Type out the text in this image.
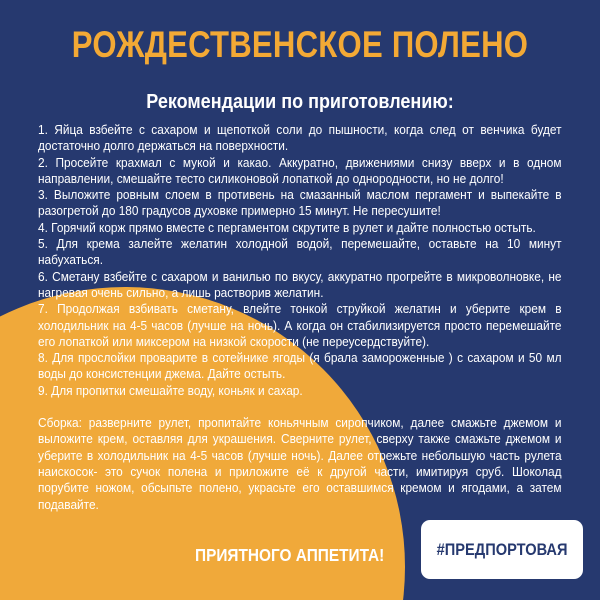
РОЖДЕСТВЕНСКОЕ ПОЛЕНО
Рекомендации по приготовлению:

1. Яйца взбейте с сахаром и щепоткой соли до пышности, когда след от венчика будет достаточно долго держаться на поверхности.

2. Просейте крахмал с мукой и какао. Аккуратно, движениями снизу вверх и в одном направлении, смешайте тесто силиконовой лопаткой до однородности, но не долго!

3. Выложите ровным слоем в противень на смазанный маслом пергамент и выпекайте в разогретой до 180 градусов духовке примерно 15 минут. Не пересушите!

4. Горячий корж прямо вместе с пергаментом скрутите в рулет и дайте полностью остыть.

5. Для крема залейте желатин холодной водой, перемешайте, оставьте на 10 минут набухаться.

6. Сметану взбейте с сахаром и ванилью по вкусу, аккуратно прогрейте в микроволновке, не нагревая очень сильно, а лишь растворив желатин.

7. Продолжая взбивать сметану, влейте тонкой струйкой желатин и уберите крем в холодильник на 4-5 часов (лучше на ночь). А когда он стабилизируется просто перемешайте его лопаткой или миксером на низкой скорости (не переусердствуйте).

8. Для прослойки проварите в сотейнике ягоды (я брала замороженные ) с сахаром и 50 мл воды до консистенции джема. Дайте остыть.

9. Для пропитки смешайте воду, коньяк и сахар.

Сборка: разверните рулет, пропитайте коньячным сиропчиком, далее смажьте джемом и выложите крем, оставляя для украшения. Сверните рулет, сверху также смажьте джемом и уберите в холодильник на 4-5 часов (лучше ночь). Далее отрежьте небольшую часть рулета наискосок- это сучок полена и приложите её к другой части, имитируя сруб. Шоколад порубите ножом, обсыпьте полено, украсьте его оставшимся кремом и ягодами, а затем подавайте.

ПРИЯТНОГО АППЕТИТА!	#ПРЕДПОРТОВАЯ
